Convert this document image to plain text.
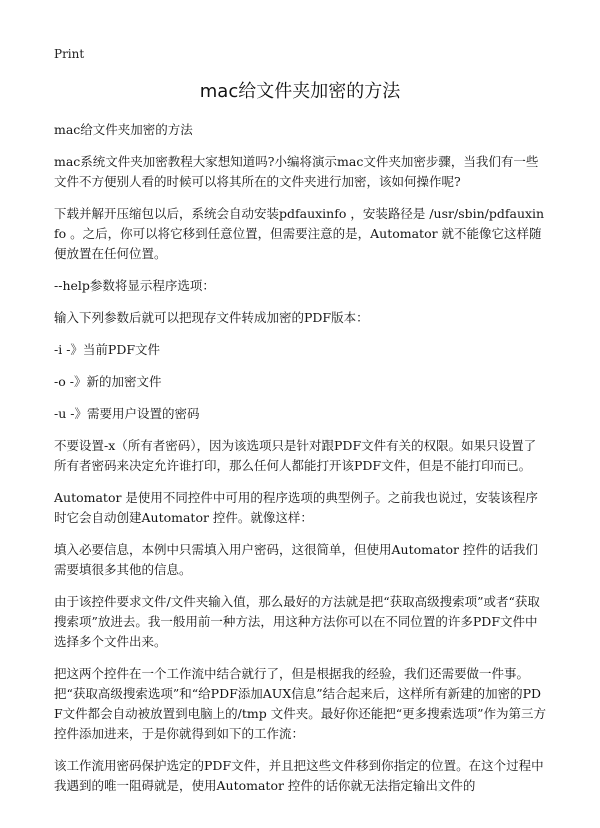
Print
mac给文件夹加密的方法

mac给文件夹加密的方法

mac系统文件夹加密教程大家想知道吗?小编将演示mac文件夹加密步骤，当我们有一些文件不方便别人看的时候可以将其所在的文件夹进行加密，该如何操作呢?

下载并解开压缩包以后，系统会自动安装pdfauxinfo ，安装路径是 /usr/sbin/pdfauxinfo 。之后，你可以将它移到任意位置，但需要注意的是，Automator 就不能像它这样随便放置在任何位置。

--help参数将显示程序选项：

输入下列参数后就可以把现存文件转成加密的PDF版本：

-i -》当前PDF文件

-o -》新的加密文件

-u -》需要用户设置的密码

不要设置-x（所有者密码），因为该选项只是针对跟PDF文件有关的权限。如果只设置了所有者密码来决定允许谁打印，那么任何人都能打开该PDF文件，但是不能打印而已。

Automator 是使用不同控件中可用的程序选项的典型例子。之前我也说过，安装该程序时它会自动创建Automator 控件。就像这样：

填入必要信息，本例中只需填入用户密码，这很简单，但使用Automator 控件的话我们需要填很多其他的信息。

由于该控件要求文件/文件夹输入值，那么最好的方法就是把“获取高级搜索项”或者“获取搜索项”放进去。我一般用前一种方法，用这种方法你可以在不同位置的许多PDF文件中选择多个文件出来。

把这两个控件在一个工作流中结合就行了，但是根据我的经验，我们还需要做一件事。把“获取高级搜索选项”和“给PDF添加AUX信息”结合起来后，这样所有新建的加密的PDF文件都会自动被放置到电脑上的/tmp 文件夹。最好你还能把“更多搜索选项”作为第三方控件添加进来，于是你就得到如下的工作流：

该工作流用密码保护选定的PDF文件，并且把这些文件移到你指定的位置。在这个过程中我遇到的唯一阻碍就是，使用Automator 控件的话你就无法指定输出文件的
